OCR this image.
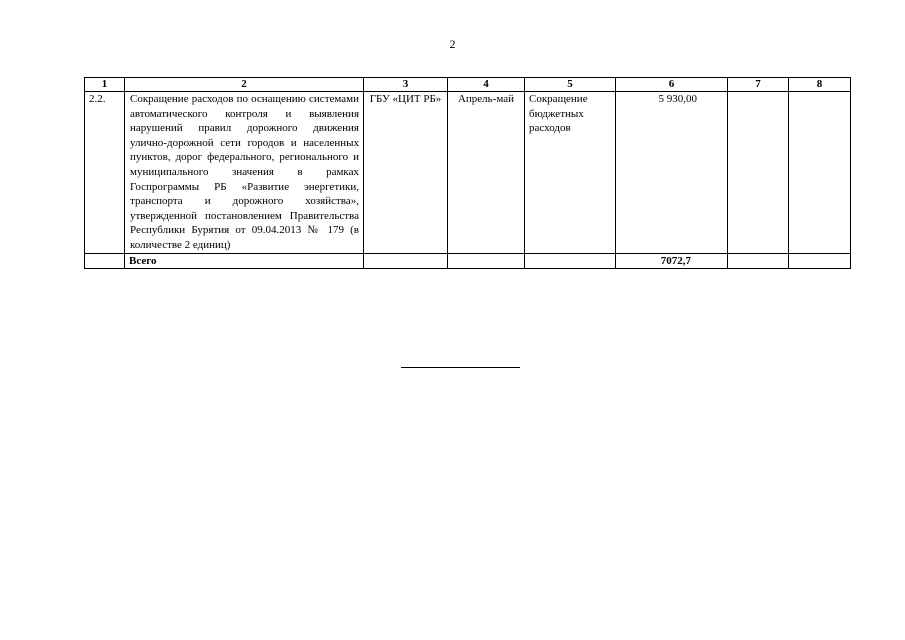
2
1	2	3	4	5	6	7	8
2.2.	Сокращение расходов по оснащению системами автоматического контроля и выявления нарушений правил дорожного движения улично-дорожной сети городов и населенных пунктов, дорог федерального, регионального и муниципального значения в рамках Госпрограммы РБ «Развитие энергетики, транспорта и дорожного хозяйства», утвержденной постановлением Правительства Республики Бурятия от 09.04.2013 № 179 (в количестве 2 единиц)	ГБУ «ЦИТ РБ»	Апрель-май	Сокращение бюджетных расходов	5 930,00		
	Всего				7072,7		
